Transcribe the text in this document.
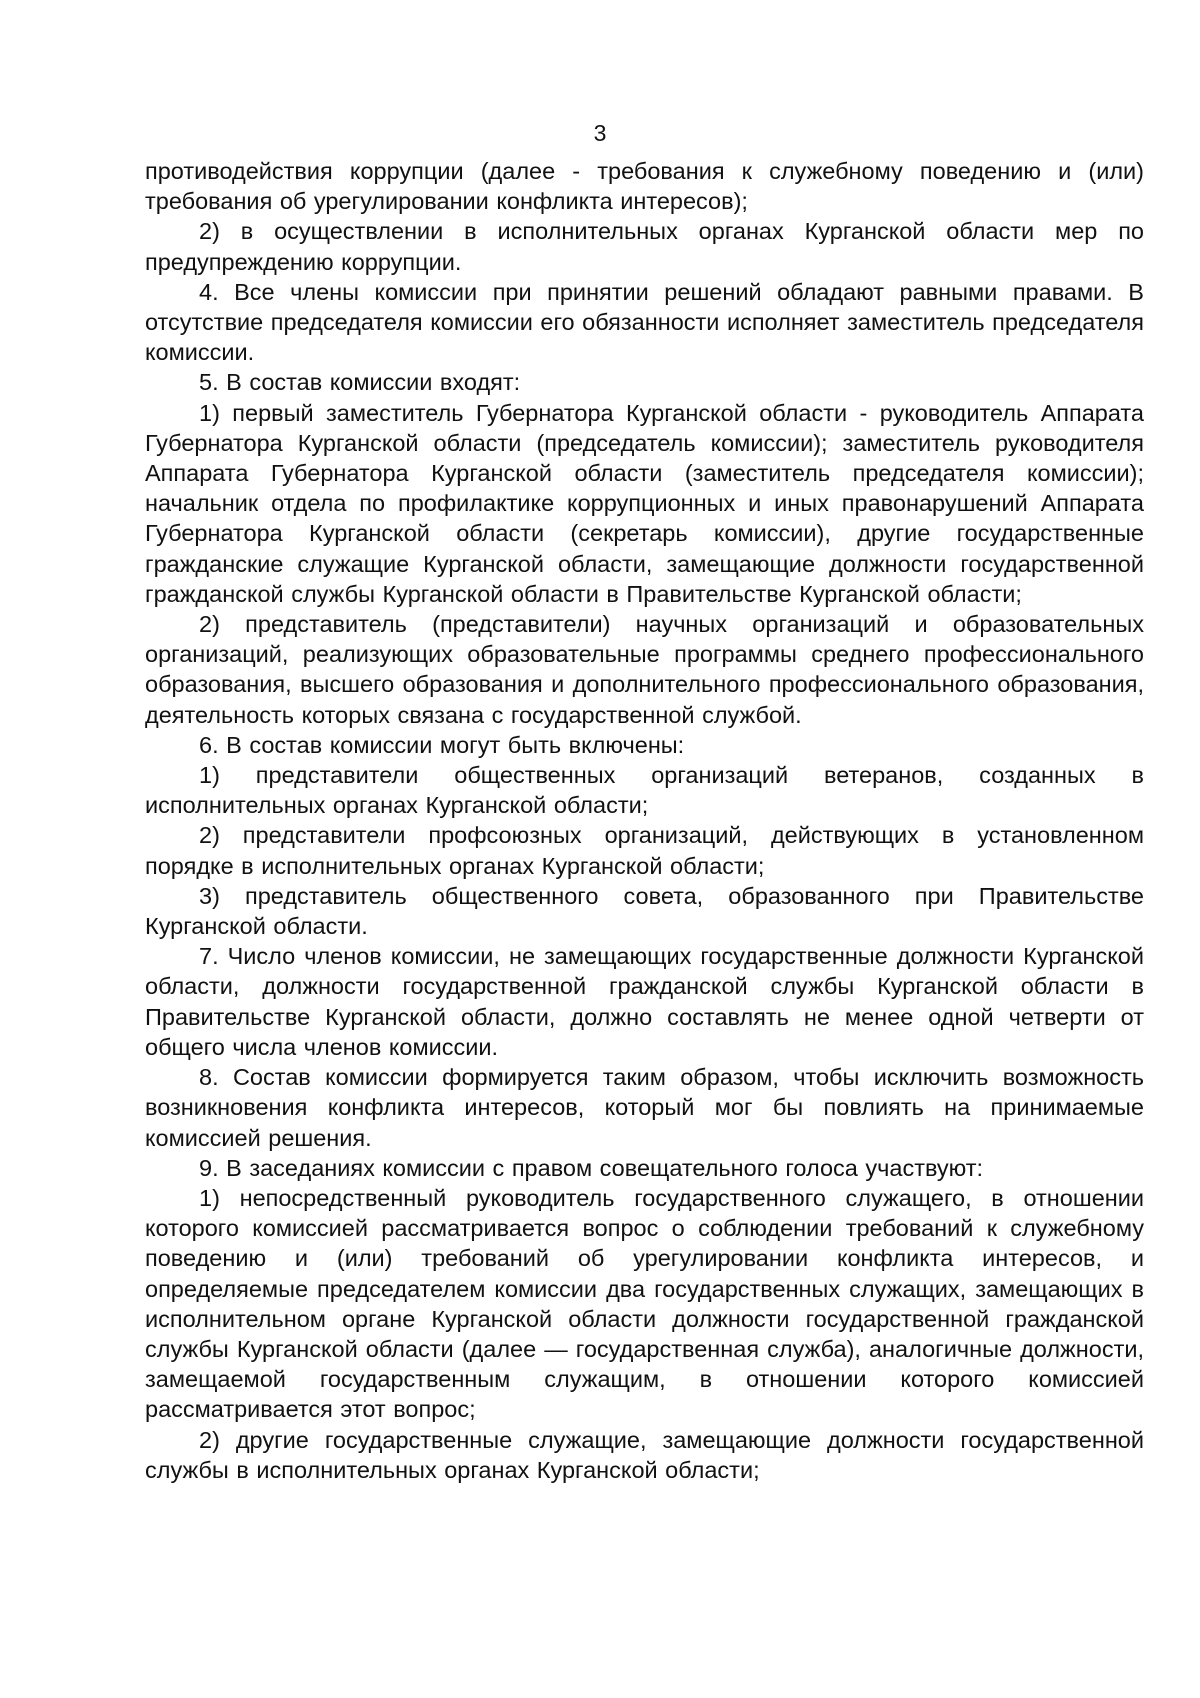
3

противодействия коррупции (далее - требования к служебному поведению и (или) требования об урегулировании конфликта интересов);

2) в осуществлении в исполнительных органах Курганской области мер по предупреждению коррупции.

4. Все члены комиссии при принятии решений обладают равными правами. В отсутствие председателя комиссии его обязанности исполняет заместитель председателя комиссии.

5. В состав комиссии входят:

1) первый заместитель Губернатора Курганской области - руководитель Аппарата Губернатора Курганской области (председатель комиссии); заместитель руководителя Аппарата Губернатора Курганской области (заместитель председателя комиссии); начальник отдела по профилактике коррупционных и иных правонарушений Аппарата Губернатора Курганской области (секретарь комиссии), другие государственные гражданские служащие Курганской области, замещающие должности государственной гражданской службы Курганской области в Правительстве Курганской области;

2) представитель (представители) научных организаций и образовательных организаций, реализующих образовательные программы среднего профессионального образования, высшего образования и дополнительного профессионального образования, деятельность которых связана с государственной службой.

6. В состав комиссии могут быть включены:

1) представители общественных организаций ветеранов, созданных в исполнительных органах Курганской области;

2) представители профсоюзных организаций, действующих в установленном порядке в исполнительных органах Курганской области;

3) представитель общественного совета, образованного при Правительстве Курганской области.

7. Число членов комиссии, не замещающих государственные должности Курганской области, должности государственной гражданской службы Курганской области в Правительстве Курганской области, должно составлять не менее одной четверти от общего числа членов комиссии.

8. Состав комиссии формируется таким образом, чтобы исключить возможность возникновения конфликта интересов, который мог бы повлиять на принимаемые комиссией решения.

9. В заседаниях комиссии с правом совещательного голоса участвуют:

1) непосредственный руководитель государственного служащего, в отношении которого комиссией рассматривается вопрос о соблюдении требований к служебному поведению и (или) требований об урегулировании конфликта интересов, и определяемые председателем комиссии два государственных служащих, замещающих в исполнительном органе Курганской области должности государственной гражданской службы Курганской области (далее — государственная служба), аналогичные должности, замещаемой государственным служащим, в отношении которого комиссией рассматривается этот вопрос;

2) другие государственные служащие, замещающие должности государственной службы в исполнительных органах Курганской области;
